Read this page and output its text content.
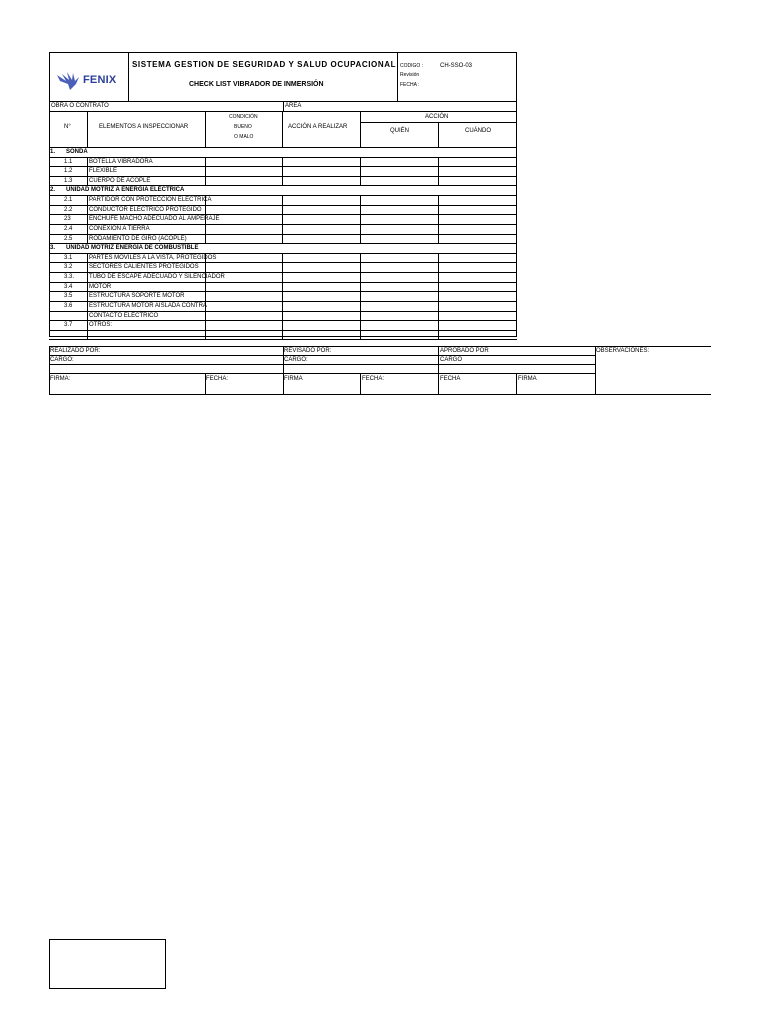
FENIX
SISTEMA GESTION DE SEGURIDAD Y SALUD OCUPACIONAL
CHECK LIST VIBRADOR DE INMERSIÓN
CODIGO :	CH-SSO-03
Revisión
FECHA :
OBRA O CONTRATO	ÁREA
N°	ELEMENTOS A INSPECCIONAR
CONDICIÓN
BUENO
O MALO
ACCIÓN A REALIZAR
ACCIÓN
QUIÉN	CUÁNDO
1. SONDA
1.1	BOTELLA VIBRADORA
1.2	FLEXIBLE
1.3	CUERPO DE ACOPLE
2. UNIDAD MOTRIZ A ENERGIA ELÉCTRICA
2.1	PARTIDOR CON PROTECCIÓN ELÉCTRICA
2.2	CONDUCTOR ELÉCTRICO PROTEGIDO
23	ENCHUFE MACHO ADECUADO AL AMPERAJE
2.4	CONEXIÓN A TIERRA
2.5	RODAMIENTO DE GIRO (ACOPLE)
3. UNIDAD MOTRIZ ENERGÍA DE COMBUSTIBLE
3.1	PARTES MÓVILES A LA VISTA, PROTEGIDOS
3.2	SECTORES CALIENTES PROTEGIDOS
3.3. TUBO DE ESCAPE ADECUADO Y SILENCIADOR
3.4	MOTOR
3.5	ESTRUCTURA SOPORTE MOTOR
3.6	ESTRUCTURA MOTOR AISLADA CONTRA
CONTACTO ELÉCTRICO
3.7	OTROS:
REALIZADO POR:	REVISADO POR:	APROBADO POR	OBSERVACIONES:
CARGO:	CARGO:	CARGO
FIRMA:	FECHA:	FIRMA	FECHA:	FECHA	FIRMA
